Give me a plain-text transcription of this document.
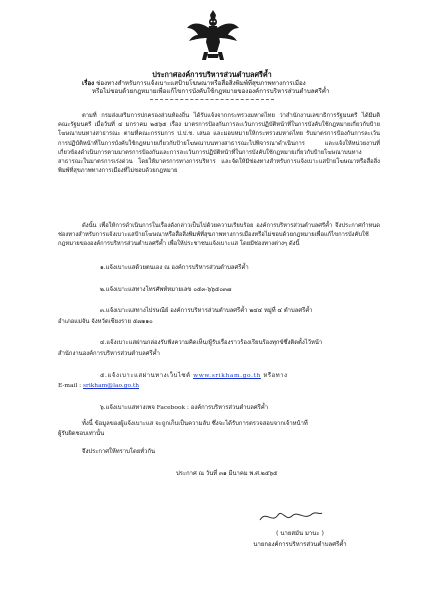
ประกาศองค์การบริหารส่วนตำบลศรีค้ำ
เรื่อง ช่องทางสำหรับการแจ้งเบาะแสป้ายโฆษณาหรือสื่อสิ่งพิมพ์ที่สุขภาพทางการเมือง
หรือไม่ชอบด้วยกฎหมายเพื่อแก้ไขการบังคับใช้กฎหมายขององค์การบริหารส่วนตำบลศรีค้ำ
ตามที่ กรมส่งเสริมการปกครองส่วนท้องถิ่น ได้รับแจ้งจากกระทรวงมหาดไทย ว่าสำนักงานเลขาธิการรัฐมนตรี ได้มีมติคณะรัฐมนตรี เมื่อวันที่ ๔ มกราคม ๒๕๖๕ เรื่อง มาตรการป้องกันการละเว้นการปฏิบัติหน้าที่ในการบังคับใช้กฎหมายเกี่ยวกับป้ายโฆษณาบนทางสาธารณะ ตามที่คณะกรรมการ ป.ป.ช. เสนอ และมอบหมายให้กระทรวงมหาดไทย รับมาตรการป้องกันการละเว้นการปฏิบัติหน้าที่ในการบังคับใช้กฎหมายเกี่ยวกับป้ายโฆษณาบนทางสาธารณะไปพิจารณาดำเนินการ และแจ้งให้หน่วยงานที่เกี่ยวข้องดำเนินการตามมาตรการป้องกันและการละเว้นการปฏิบัติหน้าที่ในการบังคับใช้กฎหมายเกี่ยวกับป้ายโฆษณาบนทางสาธารณะในมาตรการเร่งด่วน โดยให้มาตรการทางการบริหาร และจัดให้มีช่องทางสำหรับการแจ้งเบาะแสป้ายโฆษณาหรือสื่อสิ่งพิมพ์ที่สุขภาพทางการเมืองที่ไม่ชอบด้วยกฎหมาย
ดังนั้น เพื่อให้การดำเนินการในเรื่องดังกล่าวเป็นไปด้วยความเรียบร้อย องค์การบริหารส่วนตำบลศรีค้ำ จึงประกาศกำหนดช่องทางสำหรับการแจ้งเบาะแสป้ายโฆษณาหรือสื่อสิ่งพิมพ์ที่สุขภาพทางการเมืองหรือไม่ชอบด้วยกฎหมายเพื่อแก้ไขการบังคับใช้กฎหมายขององค์การบริหารส่วนตำบลศรีค้ำ เพื่อให้ประชาชนแจ้งเบาะแส โดยมีช่องทางต่างๆ ดังนี้
๑.แจ้งเบาะแสด้วยตนเอง ณ องค์การบริหารส่วนตำบลศรีค้ำ
๒.แจ้งเบาะแสทางโทรศัพท์หมายเลข ๐๕๓-๖๖๕๐๓๗
๓.แจ้งเบาะแสทางไปรษณีย์ องค์การบริหารส่วนตำบลศรีค้ำ ๒๔๔ หมู่ที่ ๔ ตำบลศรีค้ำ
อำเภอแม่จัน จังหวัดเชียงราย ๕๗๑๑๐
๔.แจ้งเบาะแสผ่านกล่องรับฟังความคิดเห็น/ผู้รับเรื่องราวร้องเรียนร้องทุกข์ซึ่งติดตั้งไว้หน้า
สำนักงานองค์การบริหารส่วนตำบลศรีค้ำ
๕.แจ้งเบาะแสผ่านทางเว็บไซต์ www.srikham.go.th หรือทาง
E-mail : srikham@lao.go.th
๖.แจ้งเบาะแสทางเพจ Facebook : องค์การบริหารส่วนตำบลศรีค้ำ
ทั้งนี้ ข้อมูลของผู้แจ้งเบาะแส จะถูกเก็บเป็นความลับ ซึ่งจะได้รับการตรวจสอบจากเจ้าหน้าที่
ผู้รับผิดชอบเท่านั้น
จึงประกาศให้ทราบโดยทั่วกัน
ประกาศ ณ วันที่ ๓๑ มีนาคม พ.ศ.๒๕๖๕
( นายสมัน มานะ )
นายกองค์การบริหารส่วนตำบลศรีค้ำ
